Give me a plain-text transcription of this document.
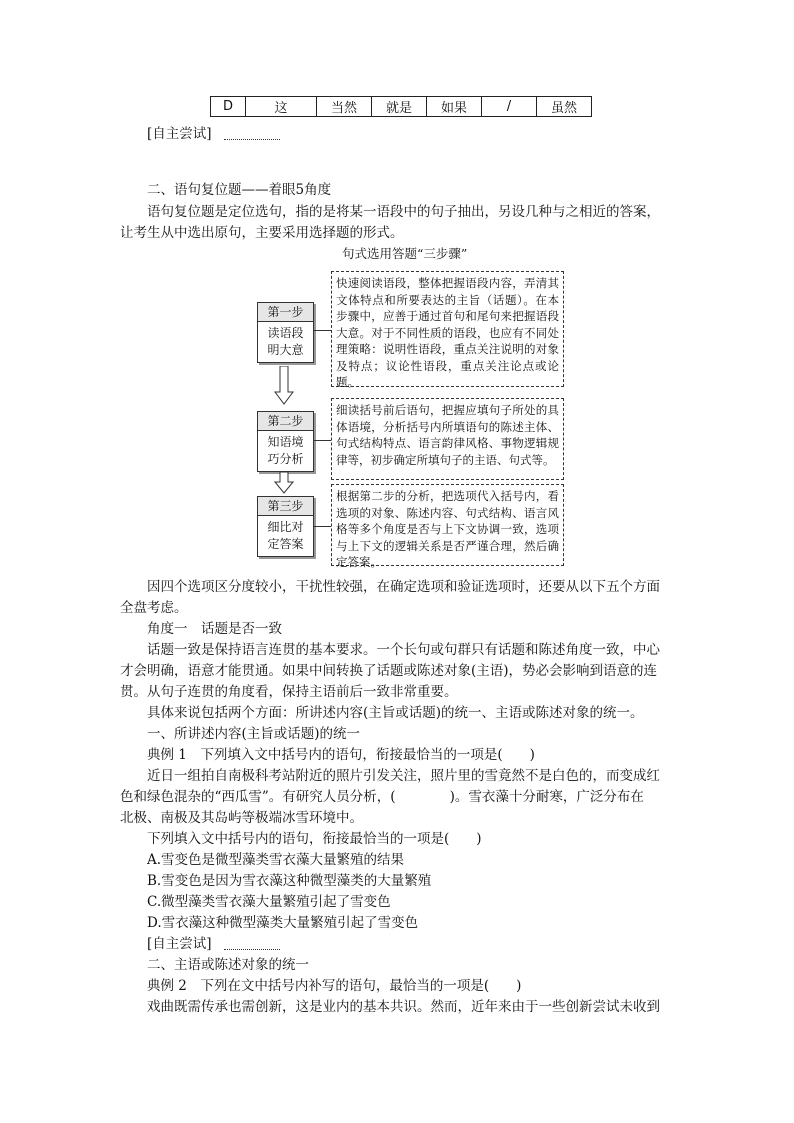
D	这	当然	就是	如果	/	虽然
[自主尝试]
二、语句复位题——着眼5角度
语句复位题是定位选句，指的是将某一语段中的句子抽出，另设几种与之相近的答案，
让考生从中选出原句，主要采用选择题的形式。
句式选用答题“三步骤”
第一步
读语段
明大意
快速阅读语段，整体把握语段内容，弄清其文体特点和所要表达的主旨（话题）。在本步骤中，应善于通过首句和尾句来把握语段大意。对于不同性质的语段，也应有不同处理策略：说明性语段，重点关注说明的对象及特点；议论性语段，重点关注论点或论题。
第二步
知语境
巧分析
细读括号前后语句，把握应填句子所处的具体语境，分析括号内所填语句的陈述主体、句式结构特点、语言韵律风格、事物逻辑规律等，初步确定所填句子的主语、句式等。
第三步
细比对
定答案
根据第二步的分析，把选项代入括号内，看选项的对象、陈述内容、句式结构、语言风格等多个角度是否与上下文协调一致，选项与上下文的逻辑关系是否严谨合理，然后确定答案。
因四个选项区分度较小，干扰性较强，在确定选项和验证选项时，还要从以下五个方面
全盘考虑。
角度一　话题是否一致
话题一致是保持语言连贯的基本要求。一个长句或句群只有话题和陈述角度一致，中心
才会明确，语意才能贯通。如果中间转换了话题或陈述对象(主语)，势必会影响到语意的连
贯。从句子连贯的角度看，保持主语前后一致非常重要。
具体来说包括两个方面：所讲述内容(主旨或话题)的统一、主语或陈述对象的统一。
一、所讲述内容(主旨或话题)的统一
典例 1　下列填入文中括号内的语句，衔接最恰当的一项是(　　)
近日一组拍自南极科考站附近的照片引发关注，照片里的雪竟然不是白色的，而变成红
色和绿色混杂的“西瓜雪”。有研究人员分析，(　　　　)。雪衣藻十分耐寒，广泛分布在
北极、南极及其岛屿等极端冰雪环境中。
下列填入文中括号内的语句，衔接最恰当的一项是(　　)
A.雪变色是微型藻类雪衣藻大量繁殖的结果
B.雪变色是因为雪衣藻这种微型藻类的大量繁殖
C.微型藻类雪衣藻大量繁殖引起了雪变色
D.雪衣藻这种微型藻类大量繁殖引起了雪变色
[自主尝试]
二、主语或陈述对象的统一
典例 2　下列在文中括号内补写的语句，最恰当的一项是(　　)
戏曲既需传承也需创新，这是业内的基本共识。然而，近年来由于一些创新尝试未收到
